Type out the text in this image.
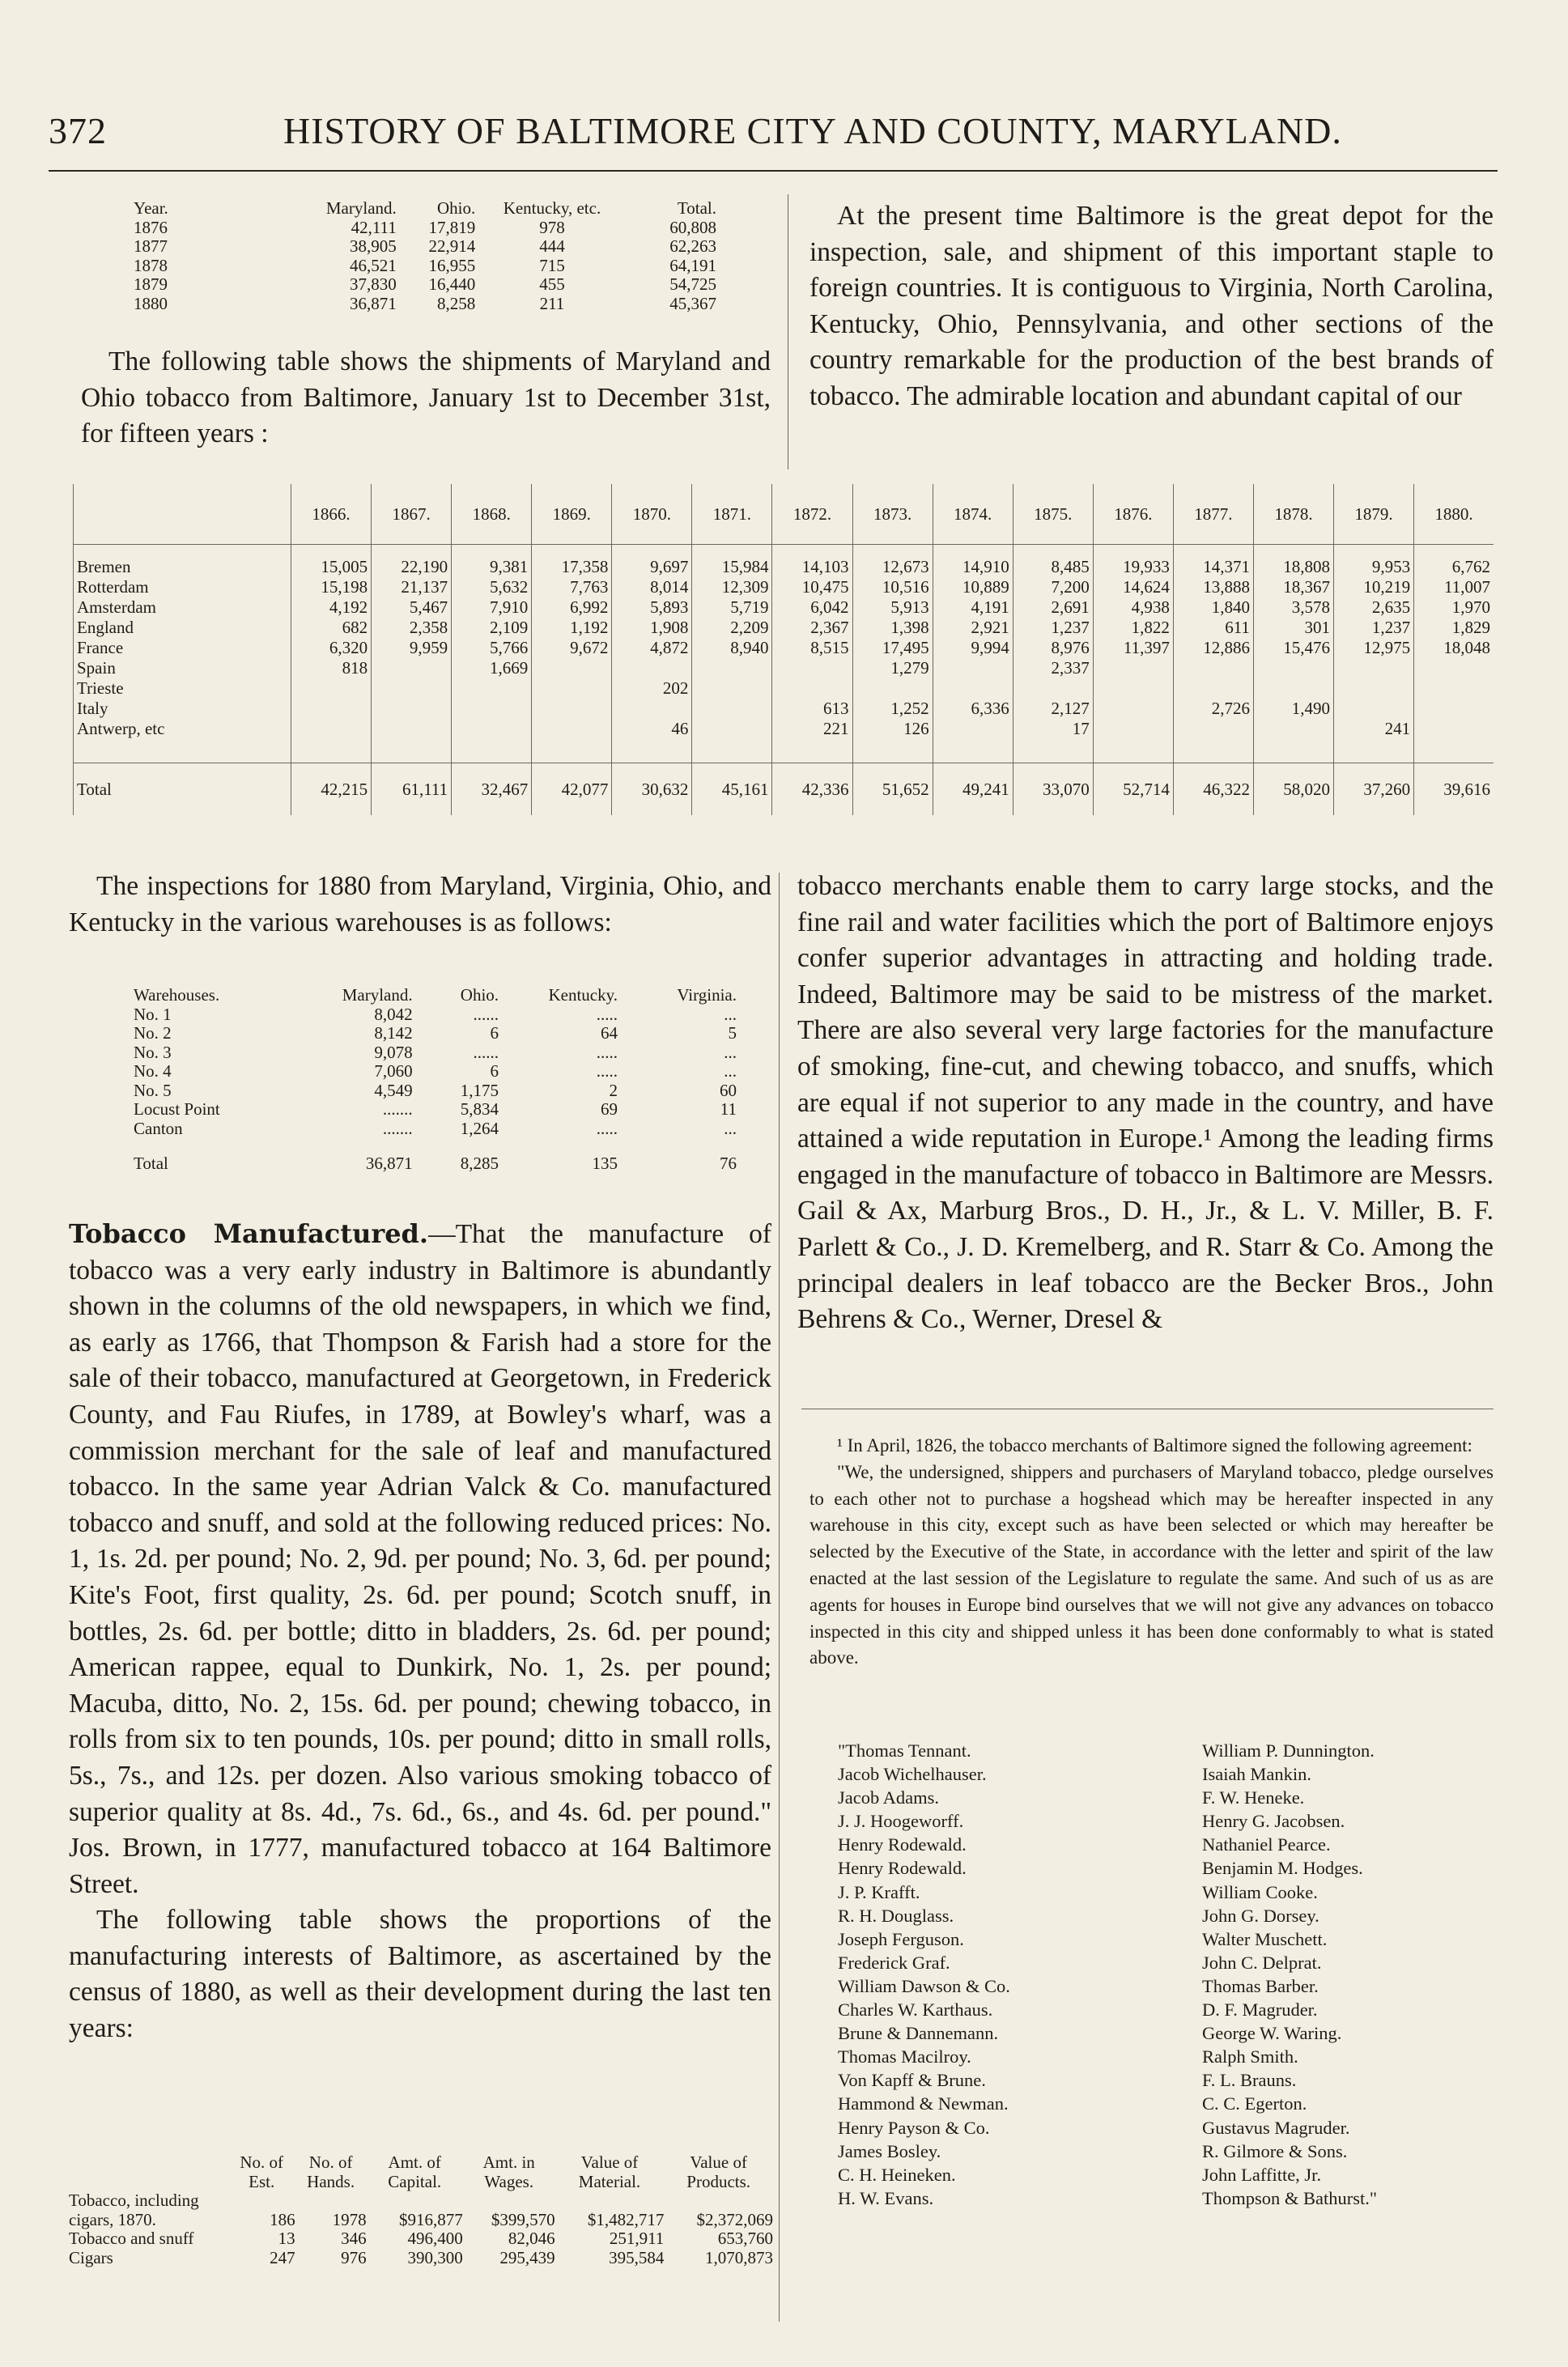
372	HISTORY OF BALTIMORE CITY AND COUNTY, MARYLAND.
Year.	Maryland.	Ohio.	Kentucky, etc.	Total.
1876	42,111	17,819	978	60,808
1877	38,905	22,914	444	62,263
1878	46,521	16,955	715	64,191
1879	37,830	16,440	455	54,725
1880	36,871	8,258	211	45,367

The following table shows the shipments of Maryland and Ohio tobacco from Baltimore, January 1st to December 31st, for fifteen years :

At the present time Baltimore is the great depot for the inspection, sale, and shipment of this important staple to foreign countries. It is contiguous to Virginia, North Carolina, Kentucky, Ohio, Pennsylvania, and other sections of the country remarkable for the production of the best brands of tobacco. The admirable location and abundant capital of our

	1866.	1867.	1868.	1869.	1870.	1871.	1872.	1873.	1874.	1875.	1876.	1877.	1878.	1879.	1880.
Bremen	15,005	22,190	9,381	17,358	9,697	15,984	14,103	12,673	14,910	8,485	19,933	14,371	18,808	9,953	6,762
Rotterdam	15,198	21,137	5,632	7,763	8,014	12,309	10,475	10,516	10,889	7,200	14,624	13,888	18,367	10,219	11,007
Amsterdam	4,192	5,467	7,910	6,992	5,893	5,719	6,042	5,913	4,191	2,691	4,938	1,840	3,578	2,635	1,970
England	682	2,358	2,109	1,192	1,908	2,209	2,367	1,398	2,921	1,237	1,822	611	301	1,237	1,829
France	6,320	9,959	5,766	9,672	4,872	8,940	8,515	17,495	9,994	8,976	11,397	12,886	15,476	12,975	18,048
Spain	818		1,669					1,279		2,337					
Trieste					202										
Italy							613	1,252	6,336	2,127		2,726	1,490		
Antwerp, etc					46		221	126		17				241	

Total	42,215	61,111	32,467	42,077	30,632	45,161	42,336	51,652	49,241	33,070	52,714	46,322	58,020	37,260	39,616

The inspections for 1880 from Maryland, Virginia, Ohio, and Kentucky in the various warehouses is as follows:

Warehouses.	Maryland.	Ohio.	Kentucky.	Virginia.
No. 1	8,042	......	.....	...
No. 2	8,142	6	64	5
No. 3	9,078	......	.....	...
No. 4	7,060	6	.....	...
No. 5	4,549	1,175	2	60
Locust Point	.......	5,834	69	11
Canton	.......	1,264	.....	...
Total	36,871	8,285	135	76

Tobacco Manufactured.—That the manufacture of tobacco was a very early industry in Baltimore is abundantly shown in the columns of the old newspapers, in which we find, as early as 1766, that Thompson & Farish had a store for the sale of their tobacco, manufactured at Georgetown, in Frederick County, and Fau Riufes, in 1789, at Bowley's wharf, was a commission merchant for the sale of leaf and manufactured tobacco. In the same year Adrian Valck & Co. manufactured tobacco and snuff, and sold at the following reduced prices: No. 1, 1s. 2d. per pound; No. 2, 9d. per pound; No. 3, 6d. per pound; Kite's Foot, first quality, 2s. 6d. per pound; Scotch snuff, in bottles, 2s. 6d. per bottle; ditto in bladders, 2s. 6d. per pound; American rappee, equal to Dunkirk, No. 1, 2s. per pound; Macuba, ditto, No. 2, 15s. 6d. per pound; chewing tobacco, in rolls from six to ten pounds, 10s. per pound; ditto in small rolls, 5s., 7s., and 12s. per dozen. Also various smoking tobacco of superior quality at 8s. 4d., 7s. 6d., 6s., and 4s. 6d. per pound." Jos. Brown, in 1777, manufactured tobacco at 164 Baltimore Street.

The following table shows the proportions of the manufacturing interests of Baltimore, as ascertained by the census of 1880, as well as their development during the last ten years:

	No. of Est.	No. of Hands.	Amt. of Capital.	Amt. in Wages.	Value of Material.	Value of Products.
Tobacco, including cigars, 1870.	186	1978	$916,877	$399,570	$1,482,717	$2,372,069
Tobacco and snuff	13	346	496,400	82,046	251,911	653,760
Cigars	247	976	390,300	295,439	395,584	1,070,873

tobacco merchants enable them to carry large stocks, and the fine rail and water facilities which the port of Baltimore enjoys confer superior advantages in attracting and holding trade. Indeed, Baltimore may be said to be mistress of the market. There are also several very large factories for the manufacture of smoking, fine-cut, and chewing tobacco, and snuffs, which are equal if not superior to any made in the country, and have attained a wide reputation in Europe.¹ Among the leading firms engaged in the manufacture of tobacco in Baltimore are Messrs. Gail & Ax, Marburg Bros., D. H., Jr., & L. V. Miller, B. F. Parlett & Co., J. D. Kremelberg, and R. Starr & Co. Among the principal dealers in leaf tobacco are the Becker Bros., John Behrens & Co., Werner, Dresel &

¹ In April, 1826, the tobacco merchants of Baltimore signed the following agreement:

"We, the undersigned, shippers and purchasers of Maryland tobacco, pledge ourselves to each other not to purchase a hogshead which may be hereafter inspected in any warehouse in this city, except such as have been selected or which may hereafter be selected by the Executive of the State, in accordance with the letter and spirit of the law enacted at the last session of the Legislature to regulate the same. And such of us as are agents for houses in Europe bind ourselves that we will not give any advances on tobacco inspected in this city and shipped unless it has been done conformably to what is stated above.

"Thomas Tennant.
Jacob Wichelhauser.
Jacob Adams.
J. J. Hoogeworff.
Henry Rodewald.
Henry Rodewald.
J. P. Krafft.
R. H. Douglass.
Joseph Ferguson.
Frederick Graf.
William Dawson & Co.
Charles W. Karthaus.
Brune & Dannemann.
Thomas Macilroy.
Von Kapff & Brune.
Hammond & Newman.
Henry Payson & Co.
James Bosley.
C. H. Heineken.
H. W. Evans.
William P. Dunnington.
Isaiah Mankin.
F. W. Heneke.
Henry G. Jacobsen.
Nathaniel Pearce.
Benjamin M. Hodges.
William Cooke.
John G. Dorsey.
Walter Muschett.
John C. Delprat.
Thomas Barber.
D. F. Magruder.
George W. Waring.
Ralph Smith.
F. L. Brauns.
C. C. Egerton.
Gustavus Magruder.
R. Gilmore & Sons.
John Laffitte, Jr.
Thompson & Bathurst."
